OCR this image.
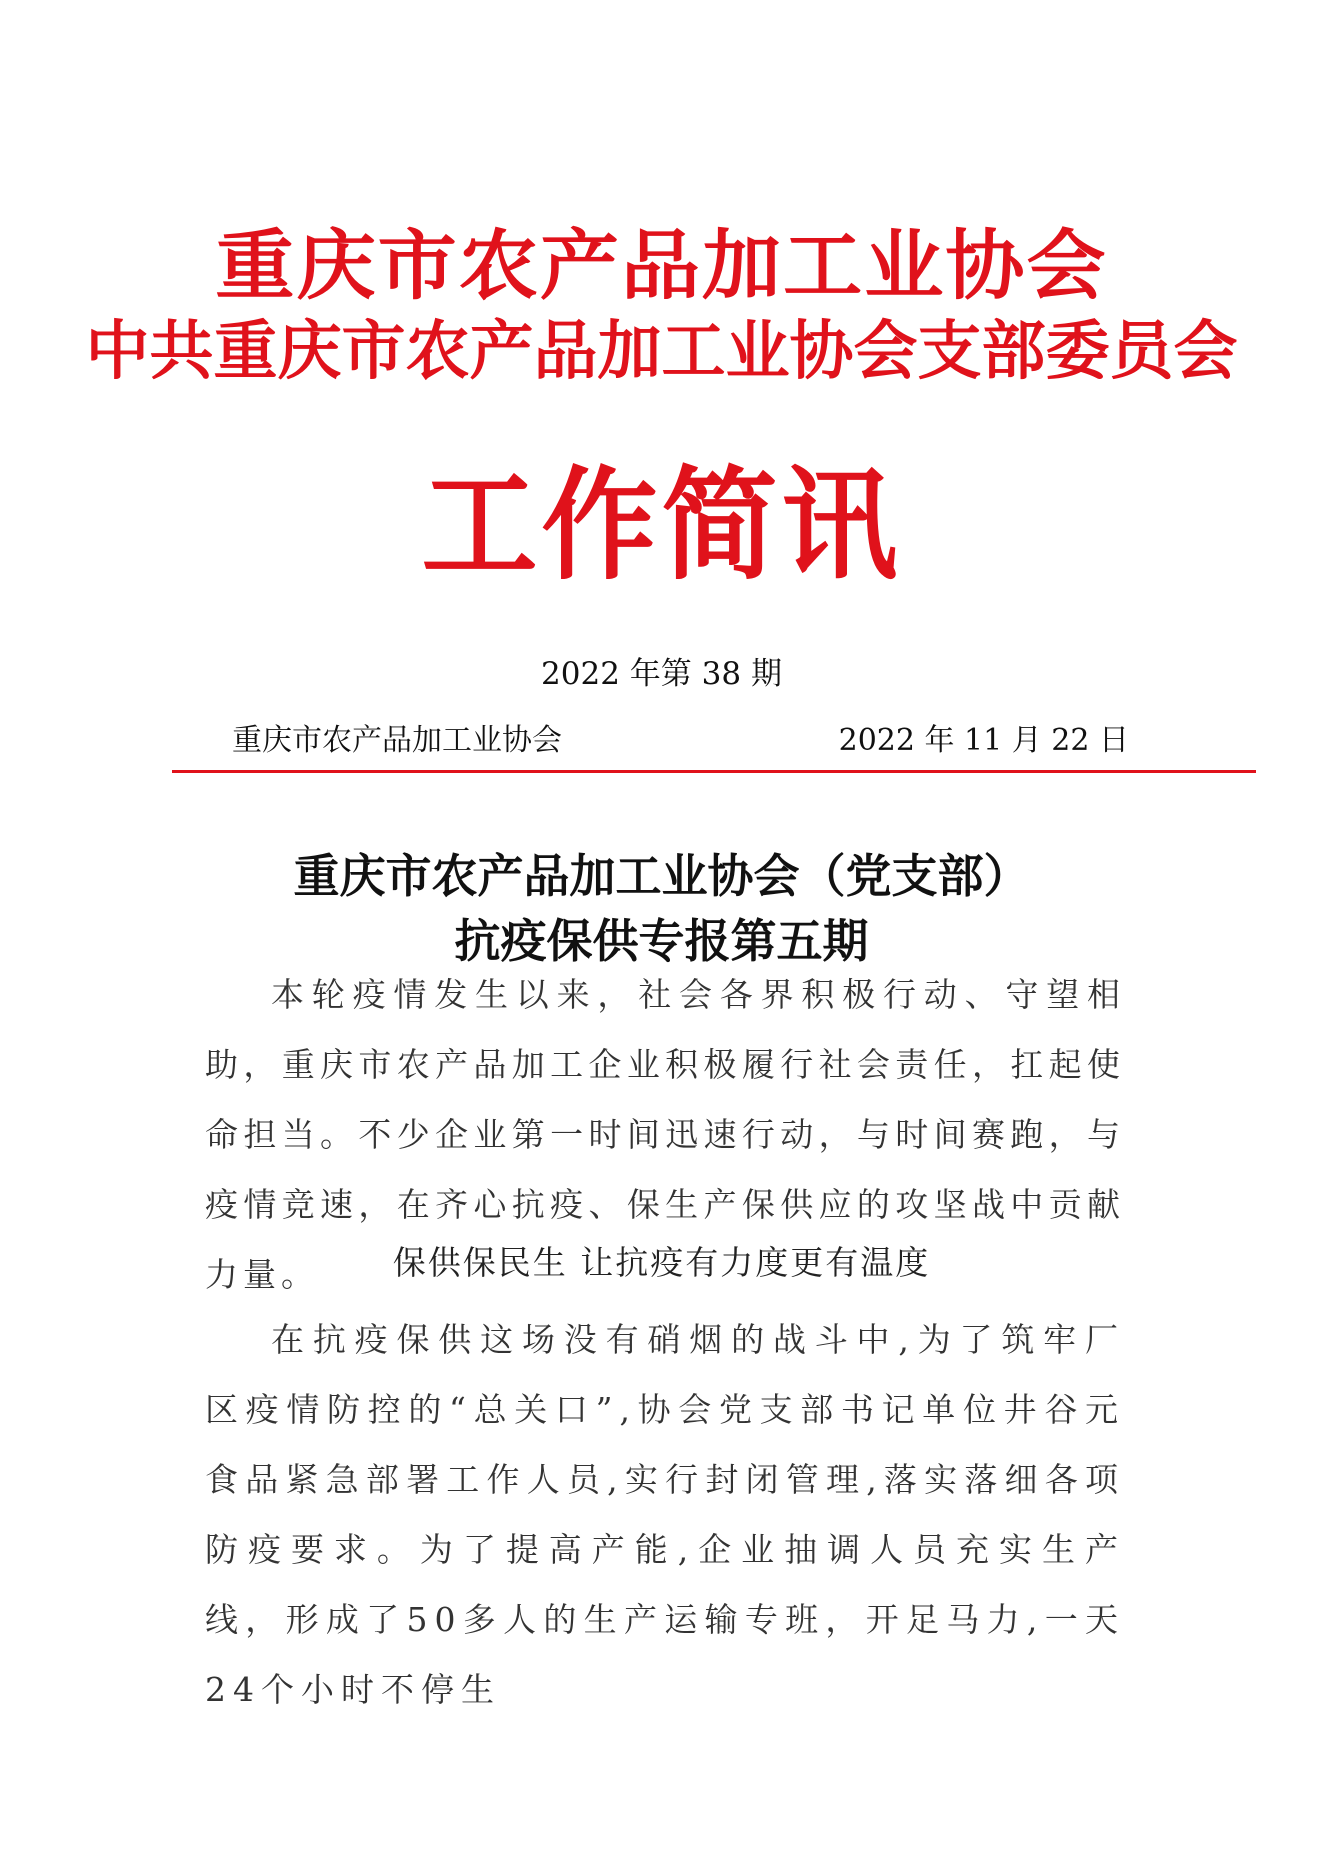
重庆市农产品加工业协会
中共重庆市农产品加工业协会支部委员会
工作简讯
2022 年第 38 期
重庆市农产品加工业协会	2022 年 11 月 22 日
重庆市农产品加工业协会（党支部）
抗疫保供专报第五期

本轮疫情发生以来，社会各界积极行动、守望相助，重庆市农产品加工企业积极履行社会责任，扛起使命担当。不少企业第一时间迅速行动，与时间赛跑，与疫情竞速，在齐心抗疫、保生产保供应的攻坚战中贡献力量。	保供保民生 让抗疫有力度更有温度

在抗疫保供这场没有硝烟的战斗中,为了筑牢厂区疫情防控的“总关口”,协会党支部书记单位井谷元食品紧急部署工作人员,实行封闭管理,落实落细各项防疫要求。为了提高产能,企业抽调人员充实生产线，形成了50多人的生产运输专班，开足马力,一天24个小时不停生
